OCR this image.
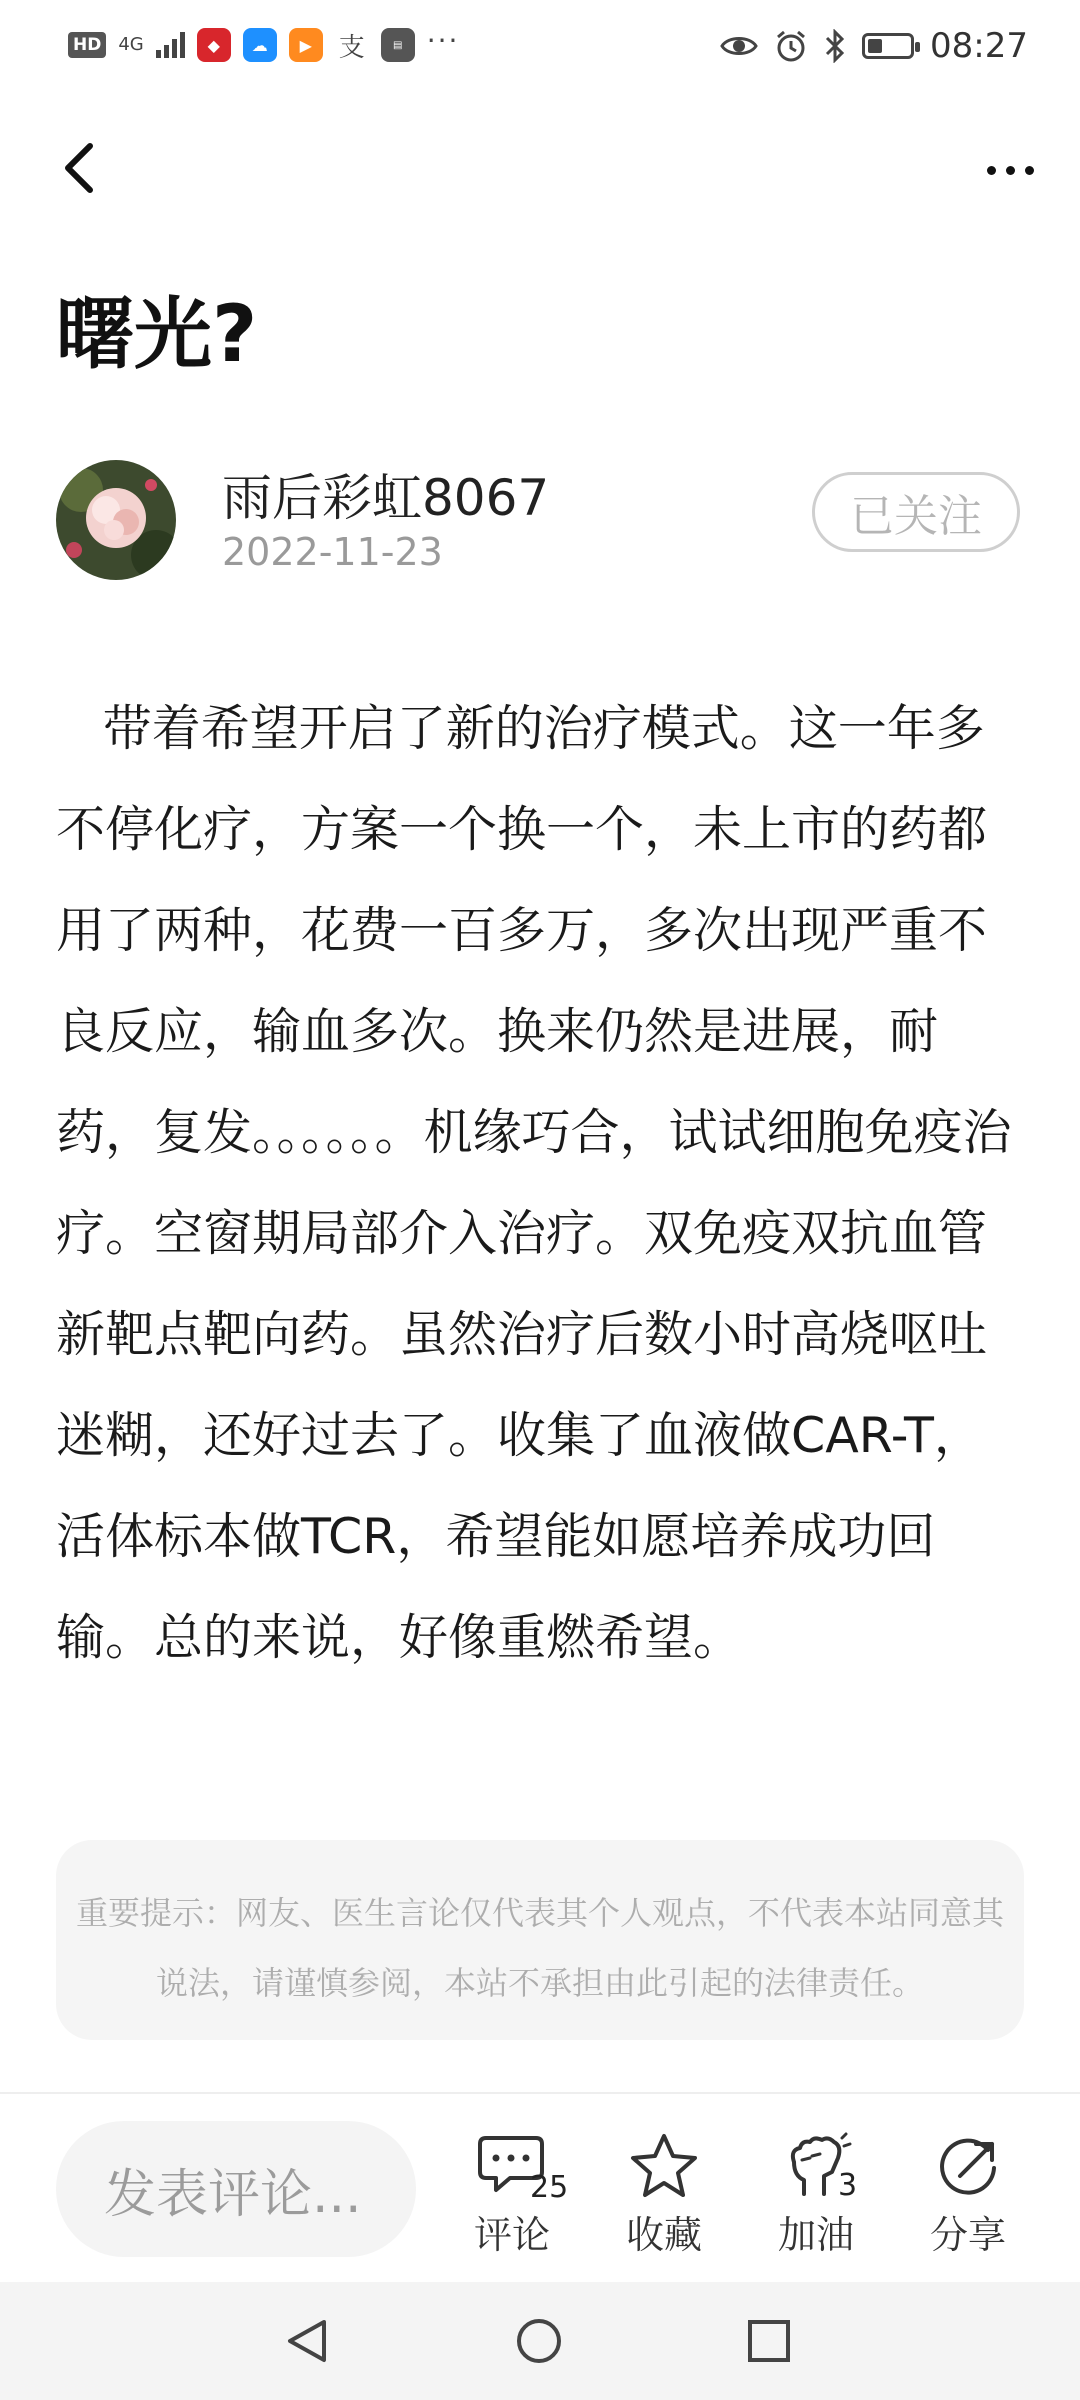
HD 4G	◆	☁	▶	支	▤ ···	08:27
曙光?
雨后彩虹8067
2022-11-23
已关注
带着希望开启了新的治疗模式。这一年多不停化疗，方案一个换一个，未上市的药都用了两种，花费一百多万，多次出现严重不良反应，输血多次。换来仍然是进展，耐药，复发。。。。。。机缘巧合，试试细胞免疫治疗。空窗期局部介入治疗。双免疫双抗血管新靶点靶向药。虽然治疗后数小时高烧呕吐迷糊，还好过去了。收集了血液做CAR-T，活体标本做TCR，希望能如愿培养成功回输。总的来说，好像重燃希望。
重要提示：网友、医生言论仅代表其个人观点，不代表本站同意其说法，请谨慎参阅，本站不承担由此引起的法律责任。
发表评论...	25
评论	收藏
3
加油	分享
